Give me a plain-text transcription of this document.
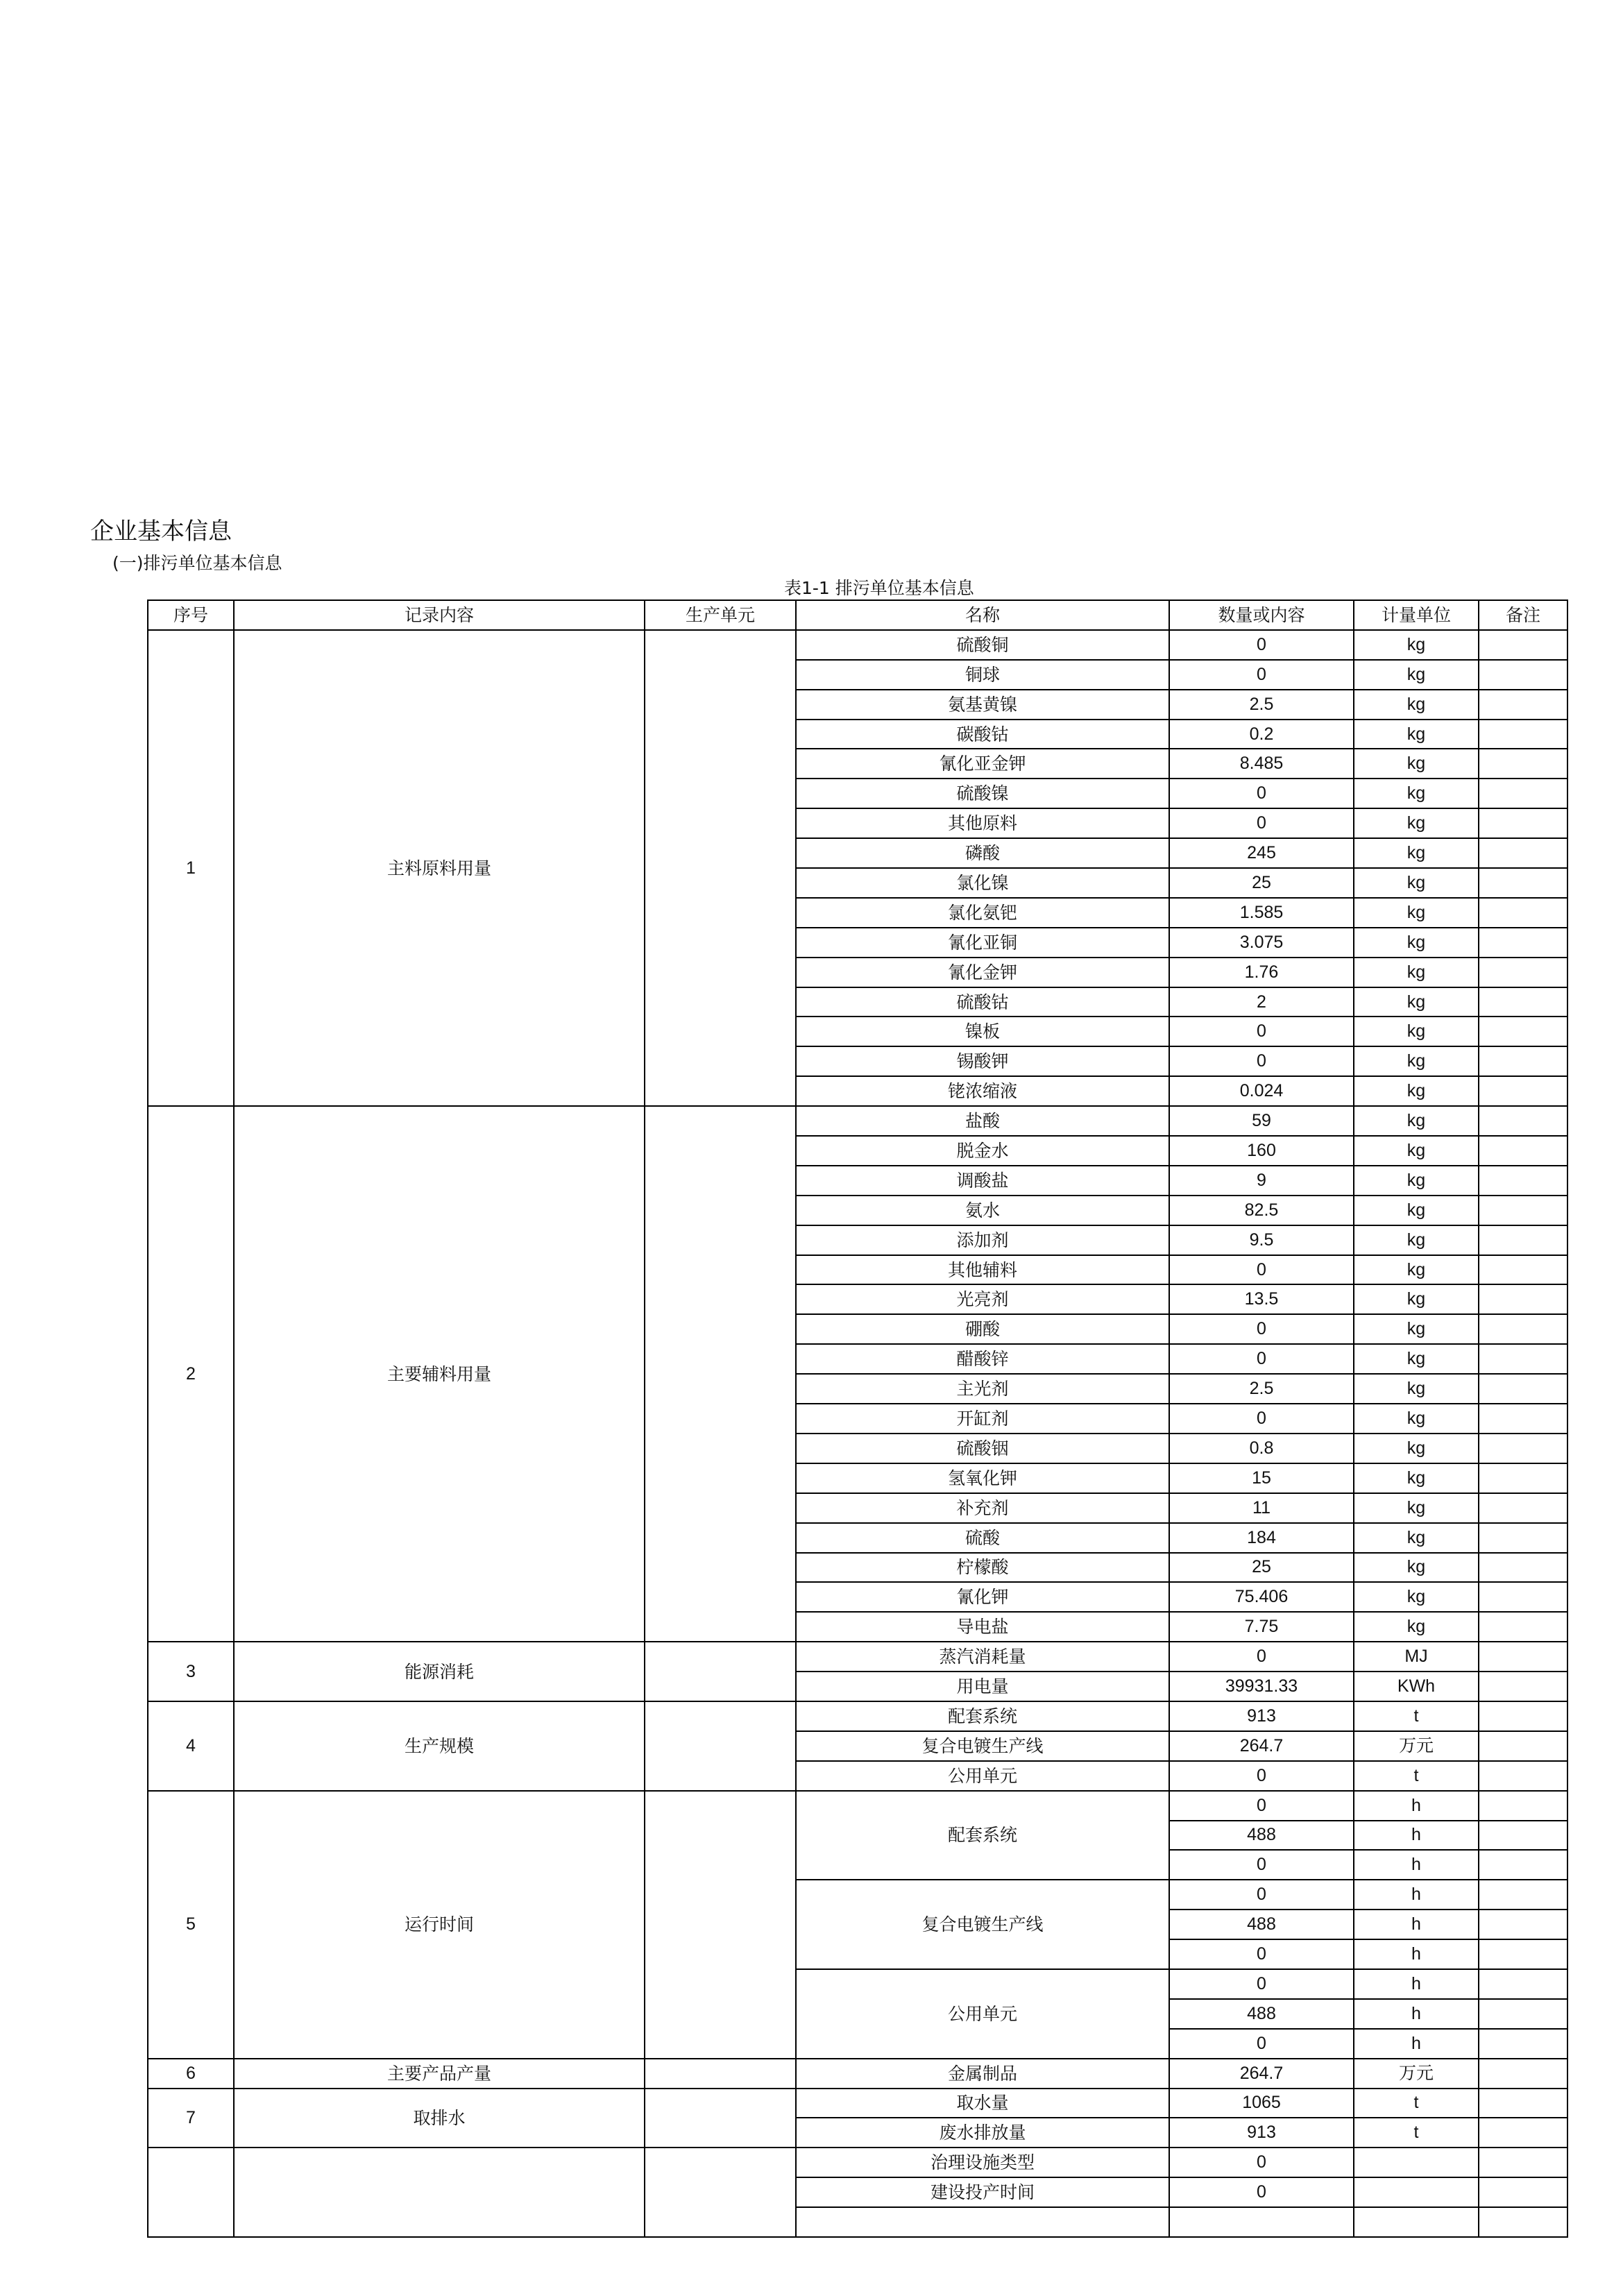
企业基本信息
(一)排污单位基本信息
表1-1 排污单位基本信息
序号	记录内容	生产单元	名称	数量或内容	计量单位	备注
1	主料原料用量		硫酸铜	0	kg	
			铜球	0	kg	
			氨基黄镍	2.5	kg	
			碳酸钴	0.2	kg	
			氰化亚金钾	8.485	kg	
			硫酸镍	0	kg	
			其他原料	0	kg	
			磷酸	245	kg	
			氯化镍	25	kg	
			氯化氨钯	1.585	kg	
			氰化亚铜	3.075	kg	
			氰化金钾	1.76	kg	
			硫酸钴	2	kg	
			镍板	0	kg	
			锡酸钾	0	kg	
			铑浓缩液	0.024	kg	
2	主要辅料用量		盐酸	59	kg	
			脱金水	160	kg	
			调酸盐	9	kg	
			氨水	82.5	kg	
			添加剂	9.5	kg	
			其他辅料	0	kg	
			光亮剂	13.5	kg	
			硼酸	0	kg	
			醋酸锌	0	kg	
			主光剂	2.5	kg	
			开缸剂	0	kg	
			硫酸铟	0.8	kg	
			氢氧化钾	15	kg	
			补充剂	11	kg	
			硫酸	184	kg	
			柠檬酸	25	kg	
			氰化钾	75.406	kg	
			导电盐	7.75	kg	
3	能源消耗		蒸汽消耗量	0	MJ	
			用电量	39931.33	KWh	
4	生产规模		配套系统	913	t	
			复合电镀生产线	264.7	万元	
			公用单元	0	t	
5	运行时间		配套系统	0	h	
				488	h	
				0	h	
			复合电镀生产线	0	h	
				488	h	
				0	h	
			公用单元	0	h	
				488	h	
				0	h	
6	主要产品产量		金属制品	264.7	万元	
7	取排水		取水量	1065	t	
			废水排放量	913	t	
			治理设施类型	0		
			建设投产时间	0		
